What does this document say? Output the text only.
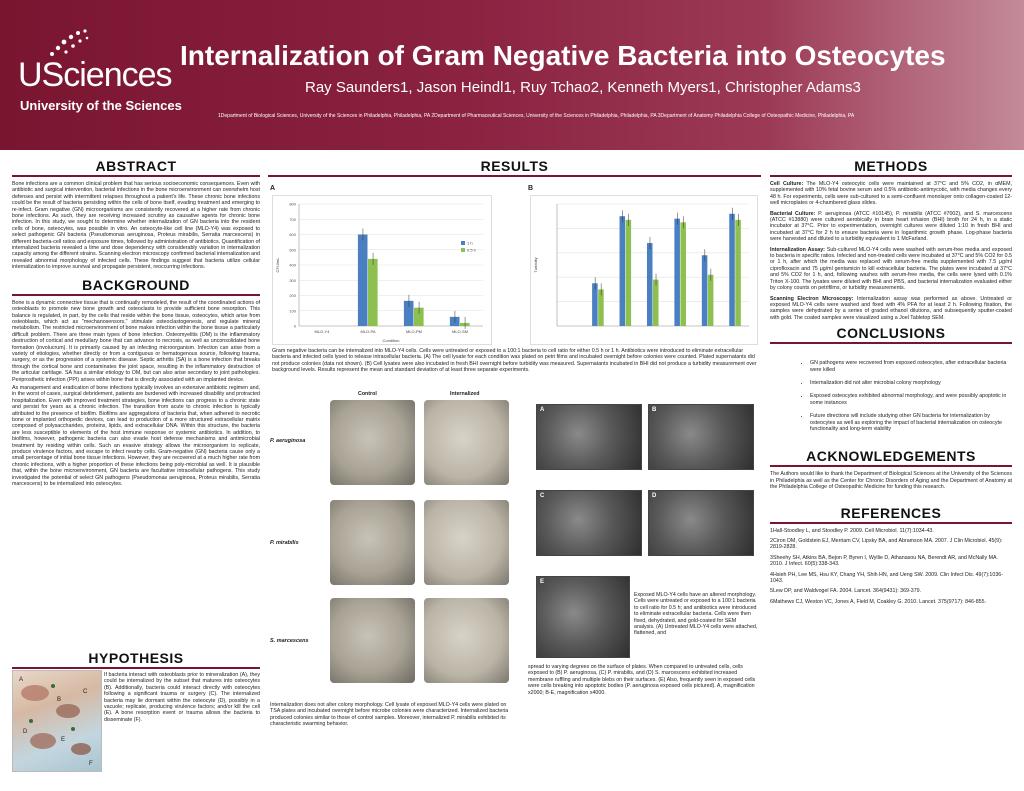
USciences
University of the Sciences
Internalization of Gram Negative Bacteria into Osteocytes
Ray Saunders1, Jason Heindl1, Ruy Tchao2, Kenneth Myers1, Christopher Adams3
1Department of Biological Sciences, University of the Sciences in Philadelphia, Philadelphia, PA 2Department of Pharmaceutical Sciences, University of the Sciences in Philadelphia, Philadelphia, PA 3Department of Anatomy Philadelphia College of Osteopathic Medicine, Philadelphia, PA
ABSTRACT
Bone infections are a common clinical problem that has serious socioeconomic consequences. Even with antibiotic and surgical intervention, bacterial infections in the bone microenvironment can overwhelm host defenses and persist with intermittent relapses throughout a patient's life. These chronic bone infections could be the result of bacteria persisting within the cells of bone itself, evading treatment and emerging to re-infect. Gram negative (GN) microorganisms are consistently recovered at a higher rate from chronic bone infections. As such, they are receiving increased scrutiny as causative agents for chronic bone infection. In this study, we sought to determine whether internalization of GN bacteria into the resident cells of bone, osteocytes, was possible in vitro. An osteocyte-like cell line (MLO-Y4) was exposed to select pathogenic GN bacteria (Pseudomonas aeruginosa, Proteus mirabilis, Serratia marcescens) in different bacteria-cell ratios and exposure times, followed by administration of antibiotics. Quantification of internalized bacteria revealed a time and dose dependency with considerably variation in internalization capacity among the different strains. Scanning electron microscopy confirmed bacterial internalization and revealed abnormal morphology of infected cells. These findings suggest that bacteria utilize cellular internalization to improve survival and propagate persistent, reoccurring infections.
BACKGROUND

Bone is a dynamic connective tissue that is continually remodeled, the result of the coordinated actions of osteoblasts to promote new bone growth and osteoclasts to provide sufficient bone resorption. This balance is regulated, in part, by the cells that reside within the bone tissue, osteocytes, which arise from osteoblasts, which act as "mechanosensors," stimulate osteoclastogenesis, and regulate mineral metabolism. The restricted microenvironment of bone makes infection within the bone tissue a particularly difficult problem. There are three main types of bone infection. Osteomyelitis (OM) is the inflammatory destruction of cortical and medullary bone that can advance to necrosis, as well as unconsolidated bone formation (involucrum). It is primarily caused by an infecting microorganism. Infection can arise from a variety of etiologies, whether directly or from a contiguous or hematogenous source, following trauma, surgery, or as the progression of a systemic disease. Septic arthritis (SA) is a bone infection that breaks through the cortical bone and contaminates the joint space, resulting in the inflammatory destruction of the articular cartilage. SA has a similar etiology to OM, but can also arise secondary to joint pathologies. Periprosthetic infection (PPI) arises within bone that is directly associated with an implanted device.

As management and eradication of bone infections typically involves an extensive antibiotic regimen and, in the worst of cases, surgical debridement, patients are burdened with increased disability and protracted hospitalization. Even with improved treatment strategies, bone infections can progress to a chronic state and persist for years as a chronic infection. The transition from acute to chronic infection is typically attributed to the presence of biofilm. Biofilms are aggregations of bacteria that, when adhered to necrotic bone or implanted orthopedic devices, can lead to production of a more structured extracellular matrix composed of polysaccharides, proteins, lipids, and extracellular DNA. Within this structure, the bacteria are less susceptible to elements of the host immune response or systemic antibiotics. In addition, to biofilms, however, pathogenic bacteria can also evade host defense mechanisms and antimicrobial treatment by residing within cells. Such an evasive strategy allows the microorganism to replicate, produce virulence factors, and escape to infect nearby cells. Gram-negative (GN) bacteria cause only a small percentage of initial bone tissue infections. However, they are recovered at a much higher rate from chronic infections, with a higher proportion of these infections being poly-microbial as well. It is plausible that, within the bone microenvironment, GN bacteria are facultative intracellular pathogens. This study investigated the potential of select GN pathogens (Pseudomonas aeruginosa, Proteus mirabilis, Serratia marcescens) to be internalized into osteocytes.

HYPOTHESIS
A
B
C
D
E
F
If bacteria interact with osteoblasts prior to mineralization (A), they could be internalized by the subset that matures into osteocytes (B). Additionally, bacteria could interact directly with osteocytes following a significant trauma or surgery (C). The internalized bacteria may lie dormant within the osteocyte (D), possibly in a vacuole; replicate, producing virulence factors; and/or kill the cell (E). A bone resorption event or trauma allows the bacteria to disseminate (F).
RESULTS
A
0
100
200
300
400
500
600
700
800
MLO-Y4	MLO-PA	MLO-PM	MLO-SM
CFU/mL
Condition
1 h
0.5 h
B
Turbidity
Gram negative bacteria can be internalized into MLO-Y4 cells. Cells were untreated or exposed to a 100:1 bacteria to cell ratio for either 0.5 h or 1 h. Antibiotics were introduced to eliminate extracellular bacteria and infected cells lysed to release intracellular bacteria. (A) The cell lysate for each condition was plated on petri films and incubated overnight before colonies were counted. Plated supernatants did not produce colonies (data not shown). (B) Cell lysates were also incubated in fresh BHI overnight before turbidity was measured. Supernatants incubated in BHI did not produce a turbidity measurement over background levels. Results represent the mean and standard deviation of at least three separate experiments.
Control	Internalized
P. aeruginosa
P. mirabilis
S. marcescens
Internalization does not alter colony morphology. Cell lysate of exposed MLO-Y4 cells were plated on TSA plates and incubated overnight before microbe colonies were characterized. Internalized bacteria produced colonies similar to those of control samples. Moreover, internalized P. mirabilis exhibited its characteristic swarming behavior.
A	B
C	D
E
Exposed MLO-Y4 cells have an altered morphology. Cells were untreated or exposed to a 100:1 bacteria to cell ratio for 0.5 h; and antibiotics were introduced to eliminate extracellular bacteria. Cells were then fixed, dehydrated, and gold-coated for SEM analysis. (A) Untreated MLO-Y4 cells were attached, flattened, and
spread to varying degrees on the surface of plates. When compared to untreated cells, cells exposed to (B) P. aeruginosa, (C) P. mirabilis, and (D) S. marcescens exhibited increased membrane ruffling and multiple blebs on their surfaces. (E) Also, frequently seen in exposed cells were cells breaking into apoptotic bodies (P. aeruginosa exposed cells pictured). A, magnification x2000; B-E, magnification x4000.
METHODS

Cell Culture: The MLO-Y4 osteocytic cells were maintained at 37°C and 5% CO2, in αMEM, supplemented with 10% fetal bovine serum and 0.5% antibiotic-antimycotic, with media changes every 48 h. For experiments, cells were sub-cultured to a semi-confluent monolayer onto collagen-coated 12-well microplates or 4-chambered glass slides.

Bacterial Culture: P. aeruginosa (ATCC #10145), P. mirabilis (ATCC #7002), and S. marcescens (ATCC #13880) were cultured aerobically in brain heart infusion (BHI) broth for 24 h, in a static incubator at 37°C. Prior to experimentation, overnight cultures were diluted 1:10 in fresh BHI and incubated at 37°C for 2 h to ensure bacteria were in logarithmic growth phase. Log-phase bacteria were harvested and diluted to a turbidity equivalent to 1 McFarland.

Internalization Assay: Sub-cultured MLO-Y4 cells were washed with serum-free media and exposed to bacteria in specific ratios. Infected and non-treated cells were incubated at 37°C and 5% CO2 for 0.5 or 1 h, after which the media was replaced with serum-free media supplemented with 7.5 μg/ml ciprofloxacin and 75 μg/ml gentamicin to kill extracellular bacteria. The plates were incubated at 37°C and 5% CO2 for 1 h, and, following washes with serum-free media, the cells were lysed with 0.1% Triton X-100. The lysates were diluted with BHI and PBS, and bacterial internalization evaluated either by colony counts on petrifilms, or turbidity measurements.

Scanning Electron Microscopy: Internalization assay was performed as above. Untreated or exposed MLO-Y4 cells were washed and fixed with 4% PFA for at least 2 h. Following fixation, the samples were dehydrated by a series of graded ethanol dilutions, and subsequently sputter-coated with gold. The coated samples were visualized using a Joel Tabletop SEM.

CONCLUSIONS
• GN pathogens were recovered from exposed osteocytes, after extracellular bacteria were killed
• Internalization did not alter microbial colony morphology
• Exposed osteocytes exhibited abnormal morphology, and were possibly apoptotic in some instances
• Future directions will include studying other GN bacteria for internalization by osteocytes as well as exploring the impact of bacterial internalization on osteocyte functionality and long-term viability
ACKNOWLEDGEMENTS
The Authors would like to thank the Department of Biological Sciences at the University of the Sciences in Philadelphia as well as the Center for Chronic Disorders of Aging and the Department of Anatomy at the Philadelphia College of Osteopathic Medicine for funding this research.
REFERENCES

1Hall-Stoodley L, and Stoodley P. 2009. Cell Microbiol. 11(7):1034-43.

2Ciron DM, Goldstein EJ, Merriam CV, Lipsky BA, and Abramson MA. 2007. J Clin Microbiol. 45(9): 2819-2828.

3Sheehy SH, Atkins BA, Bejon P, Byren I, Wyllie D, Athanasou NA, Berendt AR, and McNally MA. 2010. J Infect. 60(5):338-343.

4Hsieh PH, Lee MS, Hsu KY, Chang YH, Shih HN, and Ueng SW. 2009. Clin Infect Dis. 49(7):1036-1043.

5Lew DP, and Waldvogel FA. 2004. Lancet. 364(9431): 369-379.

6Mathews CJ, Weston VC, Jones A, Field M, Coakley G. 2010. Lancet. 375(9717): 846-855.
